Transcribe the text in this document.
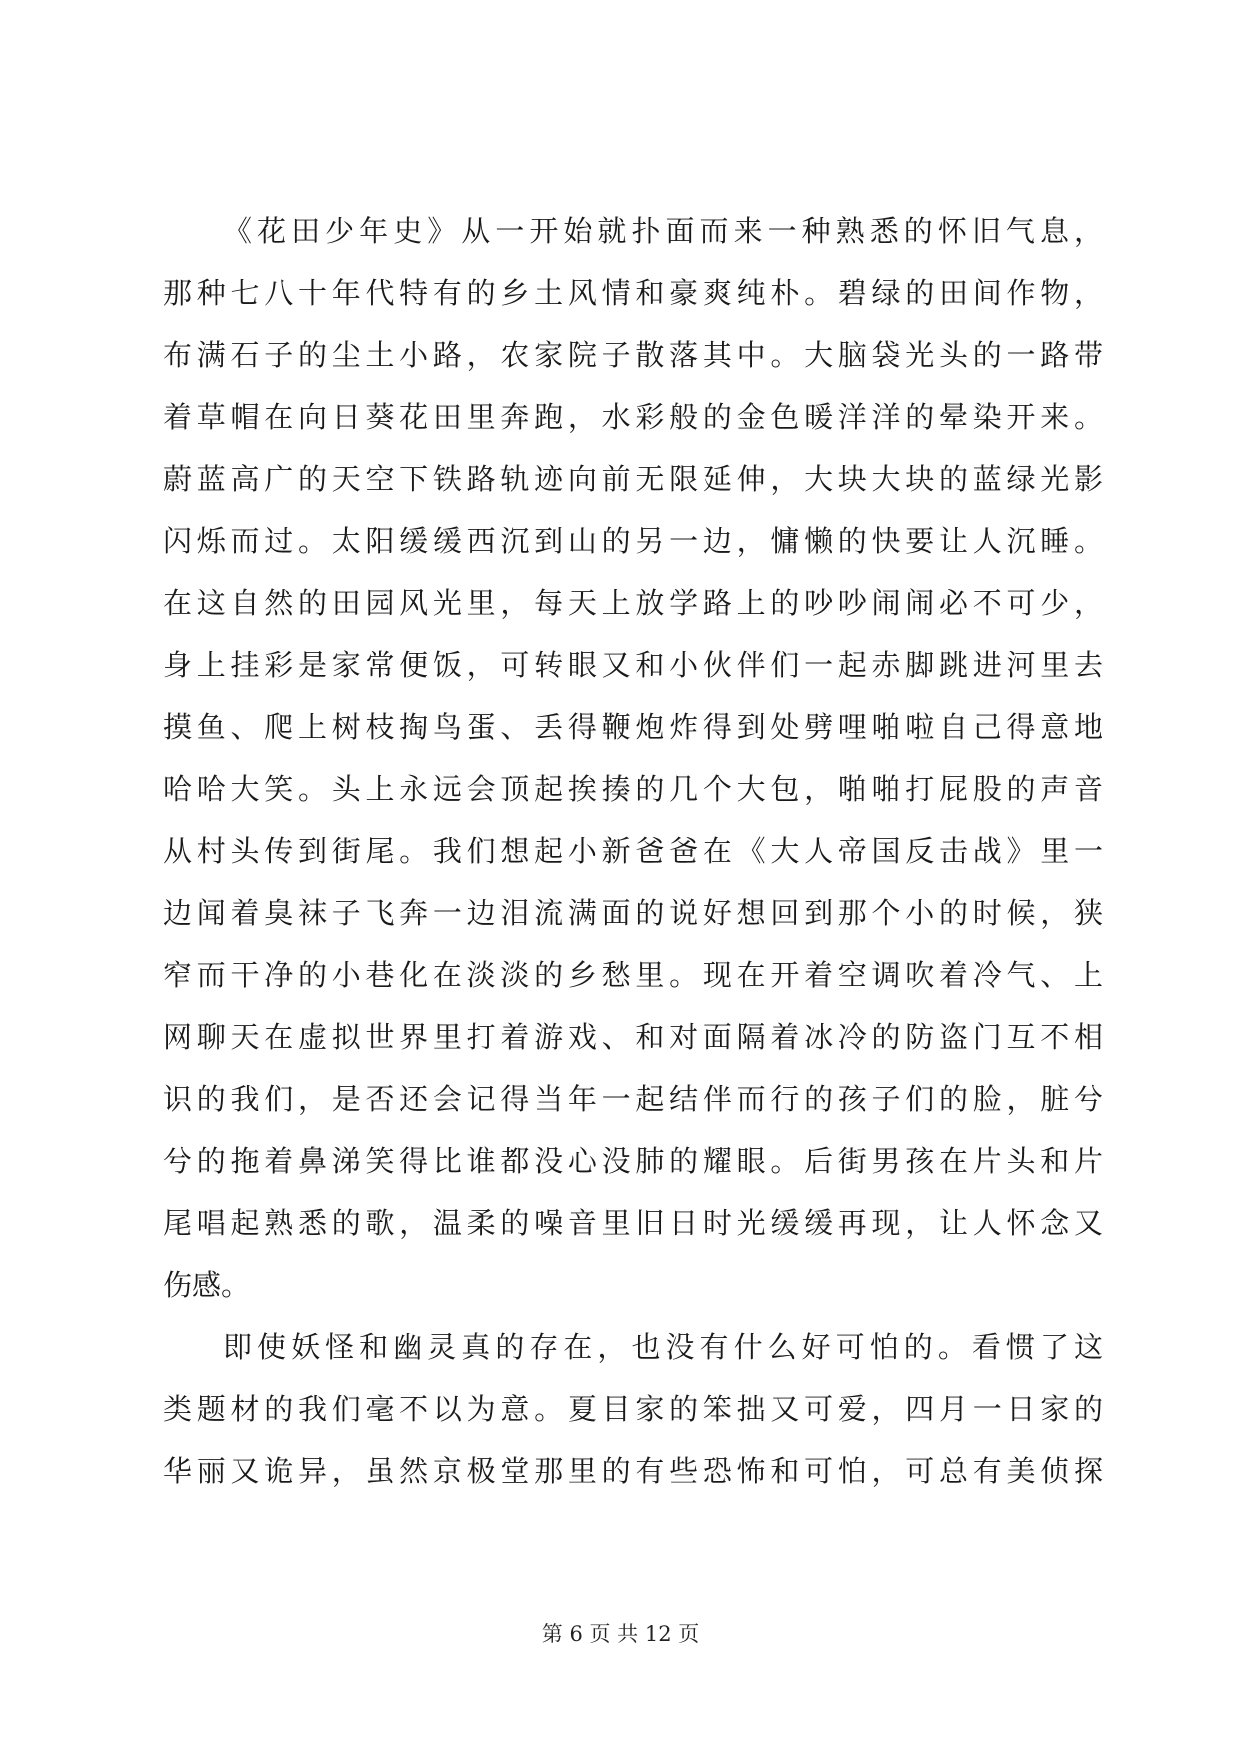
《花田少年史》从一开始就扑面而来一种熟悉的怀旧气息，
那种七八十年代特有的乡土风情和豪爽纯朴。碧绿的田间作物，
布满石子的尘土小路，农家院子散落其中。大脑袋光头的一路带
着草帽在向日葵花田里奔跑，水彩般的金色暖洋洋的晕染开来。
蔚蓝高广的天空下铁路轨迹向前无限延伸，大块大块的蓝绿光影
闪烁而过。太阳缓缓西沉到山的另一边，慵懒的快要让人沉睡。
在这自然的田园风光里，每天上放学路上的吵吵闹闹必不可少，
身上挂彩是家常便饭，可转眼又和小伙伴们一起赤脚跳进河里去
摸鱼、爬上树枝掏鸟蛋、丢得鞭炮炸得到处劈哩啪啦自己得意地
哈哈大笑。头上永远会顶起挨揍的几个大包，啪啪打屁股的声音
从村头传到街尾。我们想起小新爸爸在《大人帝国反击战》里一
边闻着臭袜子飞奔一边泪流满面的说好想回到那个小的时候，狭
窄而干净的小巷化在淡淡的乡愁里。现在开着空调吹着冷气、上
网聊天在虚拟世界里打着游戏、和对面隔着冰冷的防盗门互不相
识的我们，是否还会记得当年一起结伴而行的孩子们的脸，脏兮
兮的拖着鼻涕笑得比谁都没心没肺的耀眼。后街男孩在片头和片
尾唱起熟悉的歌，温柔的噪音里旧日时光缓缓再现，让人怀念又
伤感。
即使妖怪和幽灵真的存在，也没有什么好可怕的。看惯了这
类题材的我们毫不以为意。夏目家的笨拙又可爱，四月一日家的
华丽又诡异，虽然京极堂那里的有些恐怖和可怕，可总有美侦探
第 6 页 共 12 页
